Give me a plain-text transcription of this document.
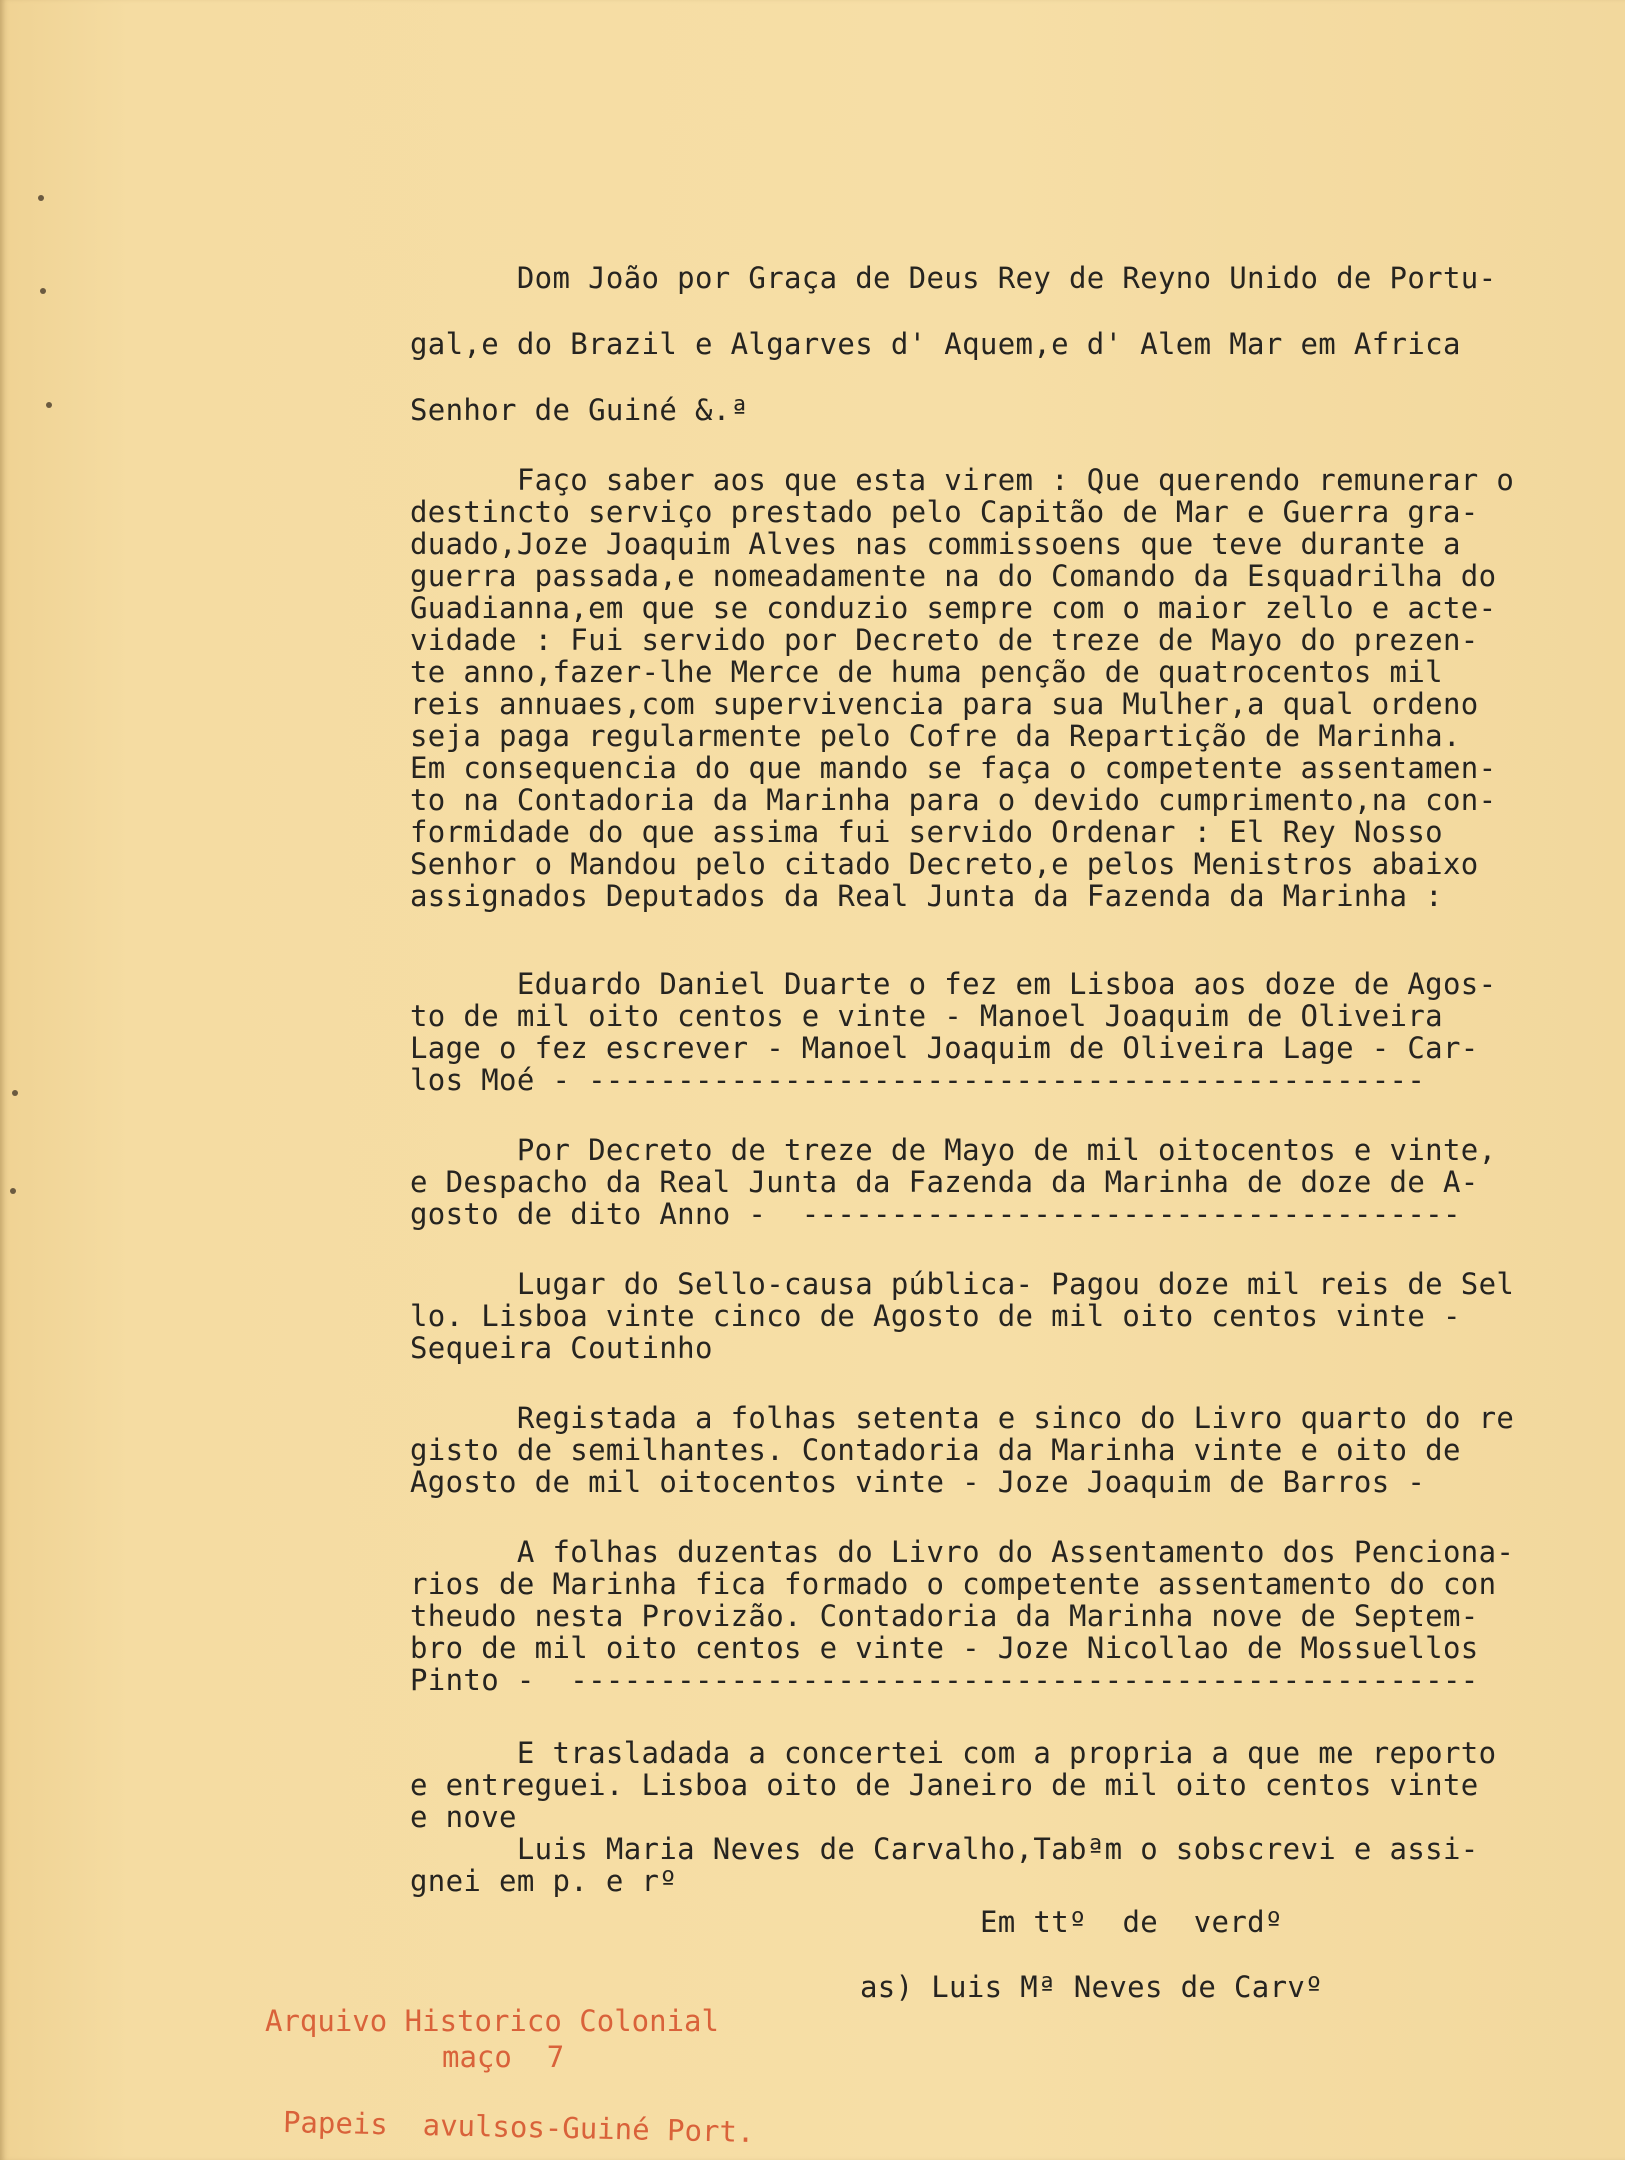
Dom João por Graça de Deus Rey de Reyno Unido de Portu-
gal,e do Brazil e Algarves d' Aquem,e d' Alem Mar em Africa
Senhor de Guiné &.ª
Faço saber aos que esta virem : Que querendo remunerar o
destincto serviço prestado pelo Capitão de Mar e Guerra gra-
duado,Joze Joaquim Alves nas commissoens que teve durante a
guerra passada,e nomeadamente na do Comando da Esquadrilha do
Guadianna,em que se conduzio sempre com o maior zello e acte-
vidade : Fui servido por Decreto de treze de Mayo do prezen-
te anno,fazer-lhe Merce de huma penção de quatrocentos mil
reis annuaes,com supervivencia para sua Mulher,a qual ordeno
seja paga regularmente pelo Cofre da Repartição de Marinha.
Em consequencia do que mando se faça o competente assentamen-
to na Contadoria da Marinha para o devido cumprimento,na con-
formidade do que assima fui servido Ordenar : El Rey Nosso
Senhor o Mandou pelo citado Decreto,e pelos Menistros abaixo
assignados Deputados da Real Junta da Fazenda da Marinha :
Eduardo Daniel Duarte o fez em Lisboa aos doze de Agos-
to de mil oito centos e vinte - Manoel Joaquim de Oliveira
Lage o fez escrever - Manoel Joaquim de Oliveira Lage - Car-
los Moé - -----------------------------------------------
Por Decreto de treze de Mayo de mil oitocentos e vinte,
e Despacho da Real Junta da Fazenda da Marinha de doze de A-
gosto de dito Anno -  -------------------------------------
Lugar do Sello-causa pública- Pagou doze mil reis de Sel
lo. Lisboa vinte cinco de Agosto de mil oito centos vinte -
Sequeira Coutinho
Registada a folhas setenta e sinco do Livro quarto do re
gisto de semilhantes. Contadoria da Marinha vinte e oito de
Agosto de mil oitocentos vinte - Joze Joaquim de Barros -
A folhas duzentas do Livro do Assentamento dos Penciona-
rios de Marinha fica formado o competente assentamento do con
theudo nesta Provizão. Contadoria da Marinha nove de Septem-
bro de mil oito centos e vinte - Joze Nicollao de Mossuellos
Pinto -  ---------------------------------------------------
E trasladada a concertei com a propria a que me reporto
e entreguei. Lisboa oito de Janeiro de mil oito centos vinte
e nove
Luis Maria Neves de Carvalho,Tabªm o sobscrevi e assi-
gnei em p. e rº
Em ttº  de  verdº
as) Luis Mª Neves de Carvº
Arquivo Historico Colonial
maço  7
Papeis  avulsos-Guiné Port.
